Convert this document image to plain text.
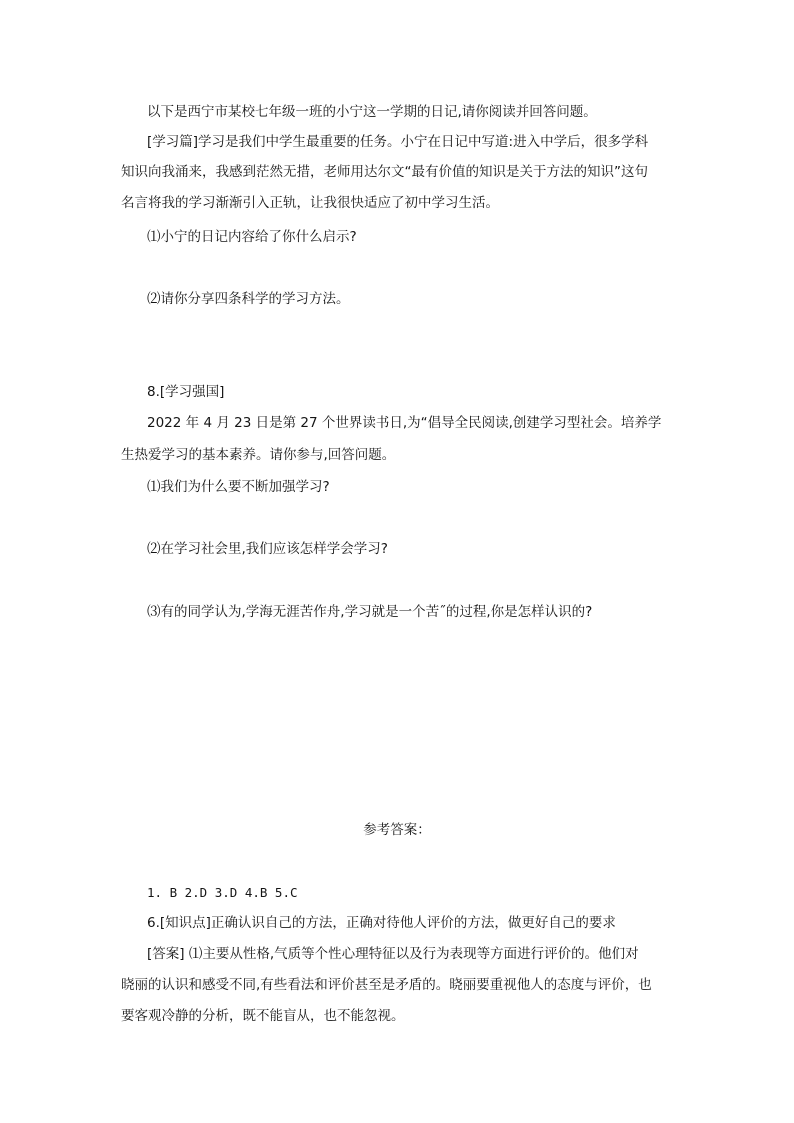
以下是西宁市某校七年级一班的小宁这一学期的日记,请你阅读并回答问题。
[学习篇]学习是我们中学生最重要的任务。小宁在日记中写道:进入中学后，很多学科
知识向我涌来，我感到茫然无措，老师用达尔文“最有价值的知识是关于方法的知识”这句
名言将我的学习渐渐引入正轨，让我很快适应了初中学习生活。
⑴小宁的日记内容给了你什么启示?
⑵请你分享四条科学的学习方法。
8.[学习强国]
2022 年 4 月 23 日是第 27 个世界读书日,为“倡导全民阅读,创建学习型社会。培养学
生热爱学习的基本素养。请你参与,回答问题。
⑴我们为什么要不断加强学习?
⑵在学习社会里,我们应该怎样学会学习?
⑶有的同学认为,学海无涯苦作舟,学习就是一个苦˝的过程,你是怎样认识的?
参考答案：
1. B 2.D 3.D 4.B 5.C
6.[知识点]正确认识自己的方法，正确对待他人评价的方法，做更好自己的要求
[答案] ⑴主要从性格,气质等个性心理特征以及行为表现等方面进行评价的。他们对
晓丽的认识和感受不同,有些看法和评价甚至是矛盾的。晓丽要重视他人的态度与评价，也
要客观冷静的分析，既不能盲从，也不能忽视。
